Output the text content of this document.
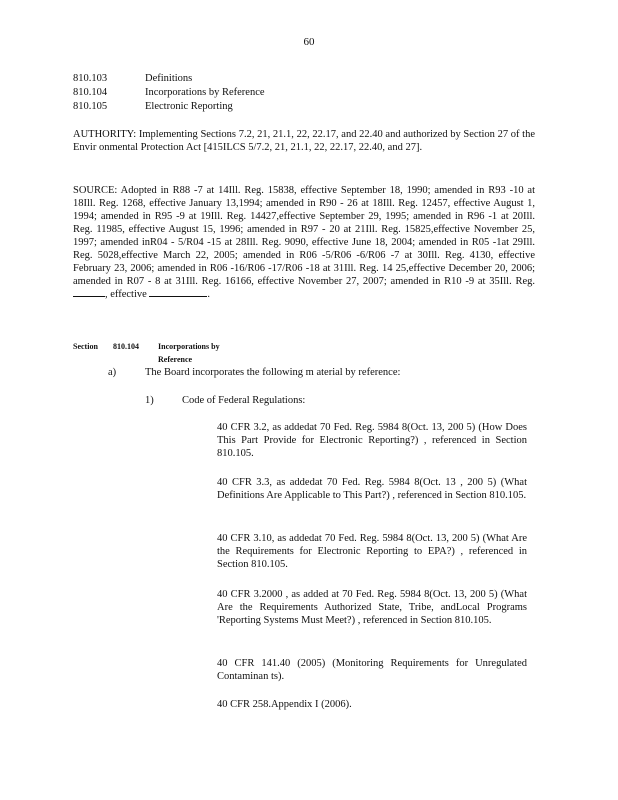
60
810.103	Definitions
810.104	Incorporations by Reference
810.105	Electronic Reporting
AUTHORITY: Implementing Sections 7.2, 21, 21.1, 22, 22.17, and 22.40 and authorized by Section 27 of the Envir onmental Protection Act [415ILCS 5/7.2, 21, 21.1, 22, 22.17, 22.40, and 27].
SOURCE: Adopted in R88 -7 at 14Ill. Reg. 15838, effective September 18, 1990; amended in R93 -10 at 18Ill. Reg. 1268, effective January 13,1994; amended in R90 - 26 at 18Ill. Reg. 12457, effective August 1, 1994; amended in R95 -9 at 19Ill. Reg. 14427,effective September 29, 1995; amended in R96 -1 at 20Ill. Reg. 11985, effective August 15, 1996; amended in R97 - 20 at 21Ill. Reg. 15825,effective November 25, 1997; amended inR04 - 5/R04 -15 at 28Ill. Reg. 9090, effective June 18, 2004; amended in R05 -1at 29Ill. Reg. 5028,effective March 22, 2005; amended in R06 -5/R06 -6/R06 -7 at 30Ill. Reg. 4130, effective February 23, 2006; amended in R06 -16/R06 -17/R06 -18 at 31Ill. Reg. 14 25,effective December 20, 2006; amended in R07 - 8 at 31Ill. Reg. 16166, effective November 27, 2007; amended in R10 -9 at 35Ill. Reg. , effective	.
Section	810.104	Incorporations by Reference
a)	The Board incorporates the following m aterial by reference:
1)	Code of Federal Regulations:
40 CFR 3.2, as addedat 70 Fed. Reg. 5984 8(Oct. 13, 200 5) (How Does This Part Provide for Electronic Reporting?) , referenced in Section 810.105.
40 CFR 3.3, as addedat 70 Fed. Reg. 5984 8(Oct. 13 , 200 5) (What Definitions Are Applicable to This Part?) , referenced in Section 810.105.
40 CFR 3.10, as addedat 70 Fed. Reg. 5984 8(Oct. 13, 200 5) (What Are the Requirements for Electronic Reporting to EPA?) , referenced in Section 810.105.
40 CFR 3.2000 , as added at 70 Fed. Reg. 5984 8(Oct. 13, 200 5) (What Are the Requirements Authorized State, Tribe, andLocal Programs 'Reporting Systems Must Meet?) , referenced in Section 810.105.
40 CFR 141.40 (2005) (Monitoring Requirements for Unregulated Contaminan ts).
40 CFR 258.Appendix I (2006).
